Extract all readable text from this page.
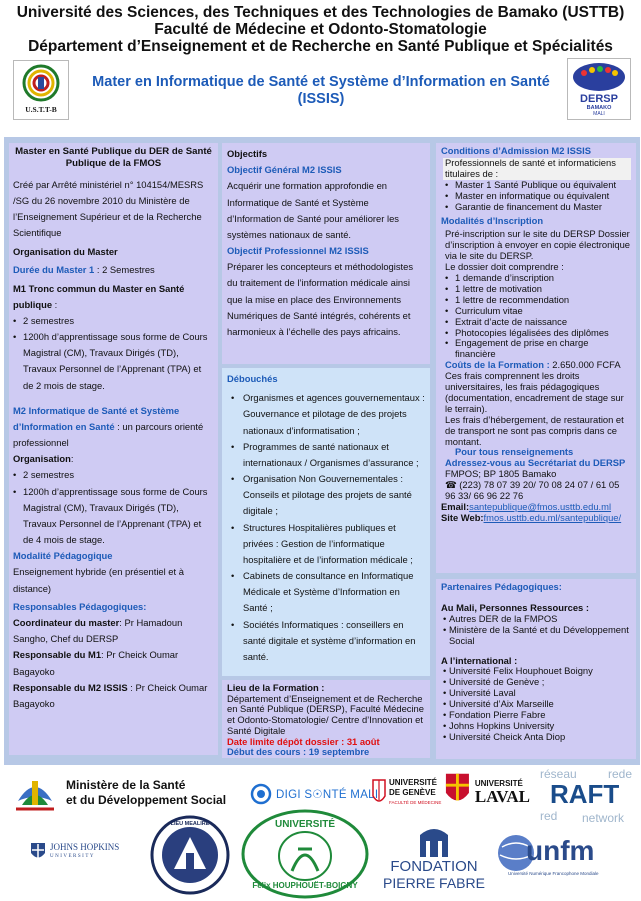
Université des Sciences, des Techniques et des Technologies de Bamako (USTTB)
Faculté de Médecine et Odonto-Stomatologie
Département d’Enseignement et de Recherche en Santé Publique et Spécialités
U.S.T.T-B
Mater en Informatique de Santé et Système d’Information en Santé (ISSIS)	DERSP
BAMAKO
MALI
Master en Santé Publique du DER de Santé Publique de la FMOS
Créé par Arrêté ministériel n° 104154/MESRS /SG du 26 novembre 2010 du Ministère de l’Enseignement Supérieur et de la Recherche Scientifique
Organisation du Master
Durée du Master 1 : 2 Semestres
M1 Tronc commun du Master en Santé publique :
• 2 semestres
• 1200h d’apprentissage sous forme de Cours Magistral (CM), Travaux Dirigés (TD), Travaux Personnel de l’Apprenant (TPA) et de 2 mois de stage.
M2 Informatique de Santé et Système d’Information en Santé : un parcours orienté professionnel
Organisation:
• 2 semestres
• 1200h d’apprentissage sous forme de Cours Magistral (CM), Travaux Dirigés (TD), Travaux Personnel de l’Apprenant (TPA) et de 4 mois de stage.
Modalité Pédagogique
Enseignement hybride (en présentiel et à distance)
Responsables Pédagogiques:
Coordinateur du master: Pr Hamadoun Sangho, Chef du DERSP
Responsable du M1: Pr Cheick Oumar Bagayoko
Responsable du M2 ISSIS : Pr Cheick Oumar Bagayoko
Objectifs
Objectif Général M2 ISSIS
Acquérir une formation approfondie en Informatique de Santé et Système d’Information de Santé pour améliorer les systèmes nationaux de santé.
Objectif Professionnel M2 ISSIS
Préparer les concepteurs et méthodologistes du traitement de l’information médicale ainsi que la mise en place des Environnements Numériques de Santé intégrés, cohérents et harmonieux à l’échelle des pays africains.
Débouchés
• Organismes et agences gouvernementaux : Gouvernance et pilotage de des projets nationaux d’informatisation ;
• Programmes de santé nationaux et internationaux / Organismes d’assurance ;
• Organisation Non Gouvernementales : Conseils et pilotage des projets de santé digitale ;
• Structures Hospitalières publiques et privées : Gestion de l’informatique hospitalière et de l’information médicale ;
• Cabinets de consultance en Informatique Médicale et Système d’Information en Santé ;
• Sociétés Informatiques : conseillers en santé digitale et système d’information en santé.
Lieu de la Formation :
Département d’Enseignement et de Recherche en Santé Publique (DERSP), Faculté Médecine et Odonto-Stomatologie/ Centre d’Innovation et Santé Digitale
Date limite dépôt dossier : 31 août
Début des cours : 19 septembre
Conditions d’Admission M2 ISSIS
Professionnels de santé et informaticiens titulaires de :
• Master 1 Santé Publique ou équivalent
• Master en informatique ou équivalent
• Garantie de financement du Master
Modalités d’Inscription
Pré-inscription sur le site du DERSP Dossier d’inscription à envoyer en copie électronique via le site du DERSP.
Le dossier doit comprendre :
• 1 demande d’inscription
• 1 lettre de motivation
• 1 lettre de recommendation
• Curriculum vitae
• Extrait d’acte de naissance
• Photocopies légalisées des diplômes
• Engagement de prise en charge financière
Coûts de la Formation : 2.650.000 FCFA
Ces frais comprennent les droits universitaires, les frais pédagogiques (documentation, encadrement de stage sur le terrain).
Les frais d’hébergement, de restauration et de transport ne sont pas compris dans ce montant.
Pour tous renseignements
Adressez-vous au Secrétariat du DERSP
FMPOS; BP 1805 Bamako
☎ (223) 78 07 39 20/ 70 08 24 07 / 61 05 96 33/ 66 96 22 76
Email:santepublique@fmos.usttb.edu.ml
Site Web:fmos.usttb.edu.ml/santepublique/
Partenaires Pédagogiques:
Au Mali, Personnes Ressources :
• Autres DER de la FMPOS
• Ministère de la Santé et du Développement Social
A l’international :
• Université Felix Houphouet Boigny
• Université de Genève ;
• Université Laval
• Université d’Aix Marseille
• Fondation Pierre Fabre
• Johns Hopkins University
• Université Cheick Anta Diop
Ministère de la Santé
et du Développement Social	DIGI S☉NTÉ MALI
UNIVERSITÉ
DE GENÈVE
FACULTÉ DE MÉDECINE
UNIVERSITÉ
LAVAL
réseau	rede
RAFT
red network
JOHNS HOPKINS
UNIVERSITY
LIEU MEALIRE	UNIVERSITÉ
Félix HOUPHOUËT-BOIGNY
FONDATION
PIERRE FABRE
unfm
Université Numérique Francophone Mondiale
